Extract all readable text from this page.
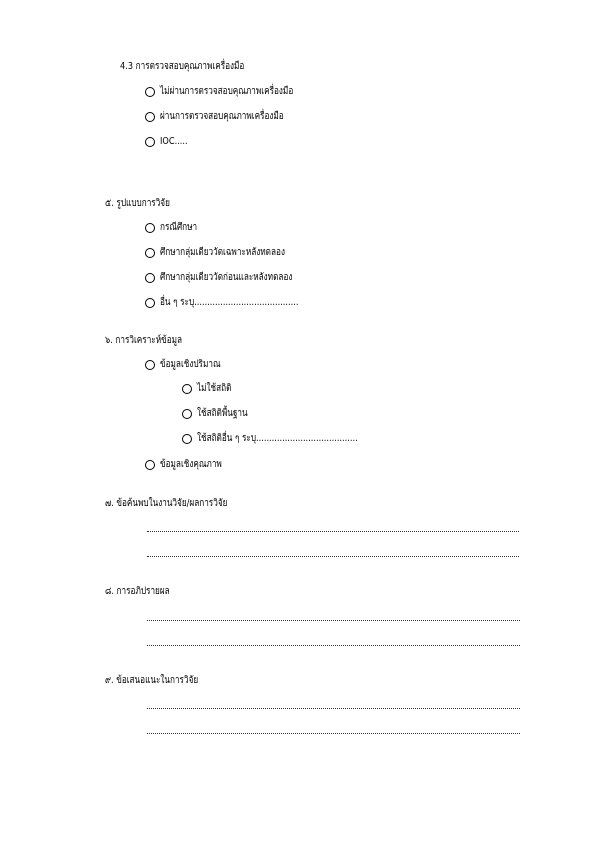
4.3 การตรวจสอบคุณภาพเครื่องมือ
ไม่ผ่านการตรวจสอบคุณภาพเครื่องมือ
ผ่านการตรวจสอบคุณภาพเครื่องมือ
IOC.....
๕. รูปแบบการวิจัย
กรณีศึกษา
ศึกษากลุ่มเดียววัดเฉพาะหลังทดลอง
ศึกษากลุ่มเดียววัดก่อนและหลังทดลอง
อื่น ๆ ระบุ........................................
๖. การวิเคราะห์ข้อมูล
ข้อมูลเชิงปริมาณ
ไม่ใช้สถิติ
ใช้สถิติพื้นฐาน
ใช้สถิติอื่น ๆ ระบุ.......................................
ข้อมูลเชิงคุณภาพ
๗. ข้อค้นพบในงานวิจัย/ผลการวิจัย
๘. การอภิปรายผล
๙. ข้อเสนอแนะในการวิจัย
